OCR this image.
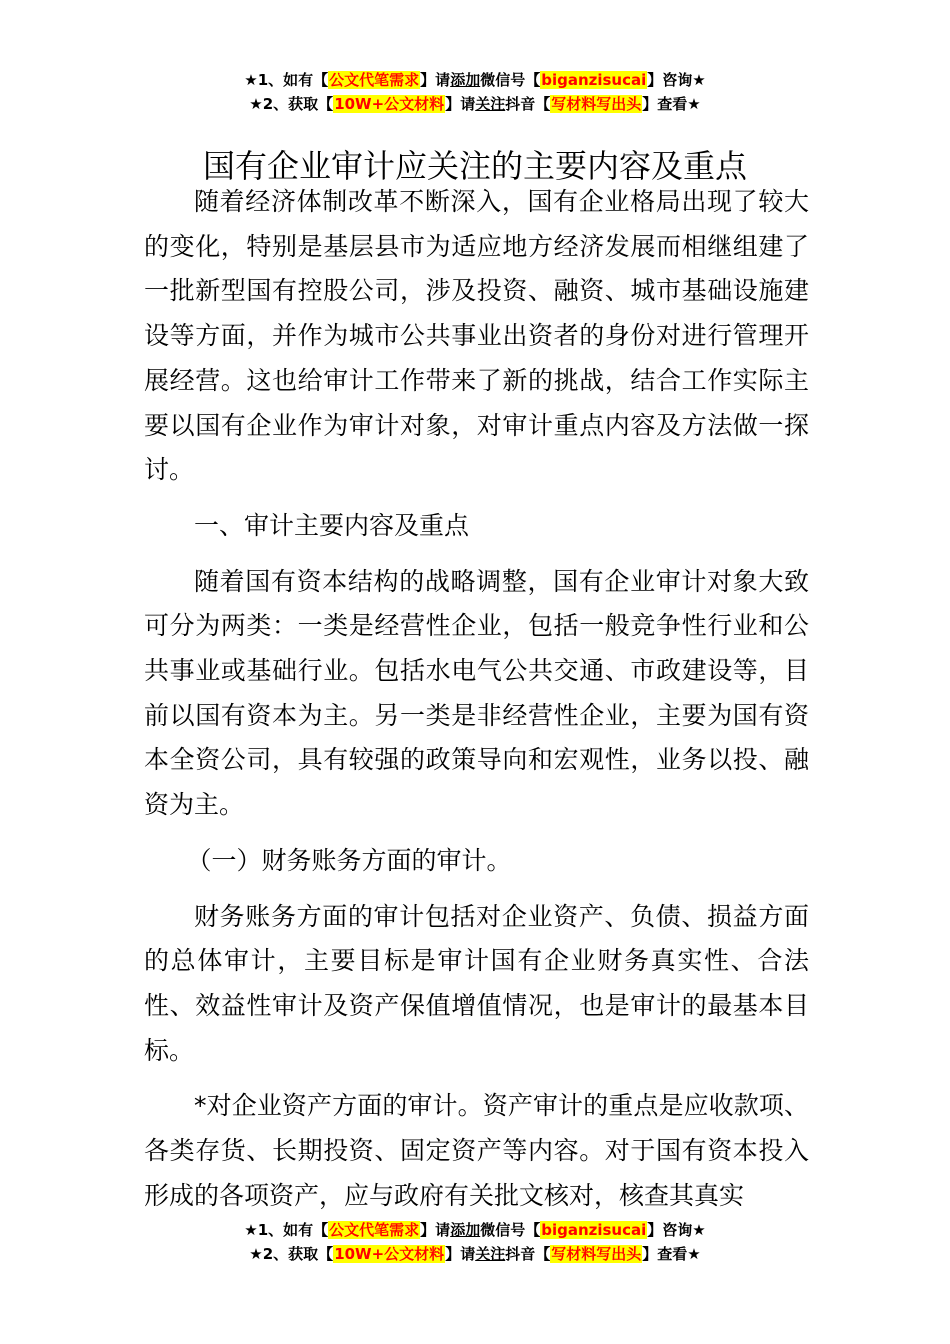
★1、如有【公文代笔需求】请添加微信号【biganzisucai】咨询★
★2、获取【10W+公文材料】请关注抖音【写材料写出头】查看★
国有企业审计应关注的主要内容及重点

随着经济体制改革不断深入，国有企业格局出现了较大的变化，特别是基层县市为适应地方经济发展而相继组建了一批新型国有控股公司，涉及投资、融资、城市基础设施建设等方面，并作为城市公共事业出资者的身份对进行管理开展经营。这也给审计工作带来了新的挑战，结合工作实际主要以国有企业作为审计对象，对审计重点内容及方法做一探讨。

一、审计主要内容及重点

随着国有资本结构的战略调整，国有企业审计对象大致可分为两类：一类是经营性企业，包括一般竞争性行业和公共事业或基础行业。包括水电气公共交通、市政建设等，目前以国有资本为主。另一类是非经营性企业，主要为国有资本全资公司，具有较强的政策导向和宏观性，业务以投、融资为主。

（一）财务账务方面的审计。

财务账务方面的审计包括对企业资产、负债、损益方面的总体审计，主要目标是审计国有企业财务真实性、合法性、效益性审计及资产保值增值情况，也是审计的最基本目标。

*对企业资产方面的审计。资产审计的重点是应收款项、各类存货、长期投资、固定资产等内容。对于国有资本投入形成的各项资产，应与政府有关批文核对，核查其真实

★1、如有【公文代笔需求】请添加微信号【biganzisucai】咨询★
★2、获取【10W+公文材料】请关注抖音【写材料写出头】查看★
